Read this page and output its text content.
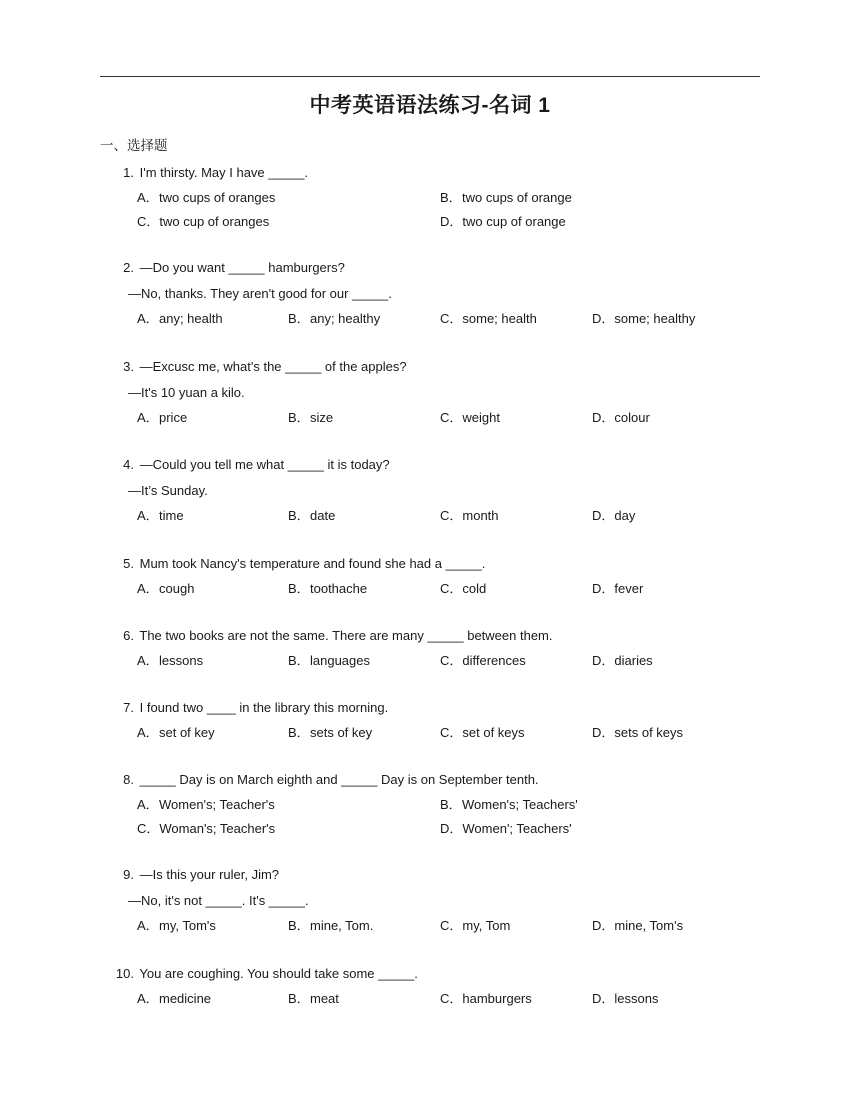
中考英语语法练习-名词 1
一、选择题
1. I'm thirsty. May I have _____.
A．two cups of oranges	B．two cups of orange
C．two cup of oranges	D．two cup of orange
2. —Do you want _____ hamburgers?
—No, thanks. They aren't good for our _____.
A．any; health	B．any; healthy	C．some; health	D．some; healthy
3. —Excusc me, what's the _____ of the apples?
—It's 10 yuan a kilo.
A．price	B．size	C．weight	D．colour
4. —Could you tell me what _____ it is today?
—It’s Sunday.
A．time	B．date	C．month	D．day
5. Mum took Nancy's temperature and found she had a _____.
A．cough	B．toothache	C．cold	D．fever
6. The two books are not the same. There are many _____ between them.
A．lessons	B．languages	C．differences	D．diaries
7. I found two ____ in the library this morning.
A．set of key	B．sets of key	C．set of keys	D．sets of keys
8. _____ Day is on March eighth and _____ Day is on September tenth.
A．Women's; Teacher's	B．Women's; Teachers'
C．Woman's; Teacher's	D．Women'; Teachers'
9. —Is this your ruler, Jim?
—No, it's not _____. It's _____.
A．my, Tom's	B．mine, Tom.	C．my, Tom	D．mine, Tom's
10. You are coughing. You should take some _____.
A．medicine	B．meat	C．hamburgers	D．lessons
